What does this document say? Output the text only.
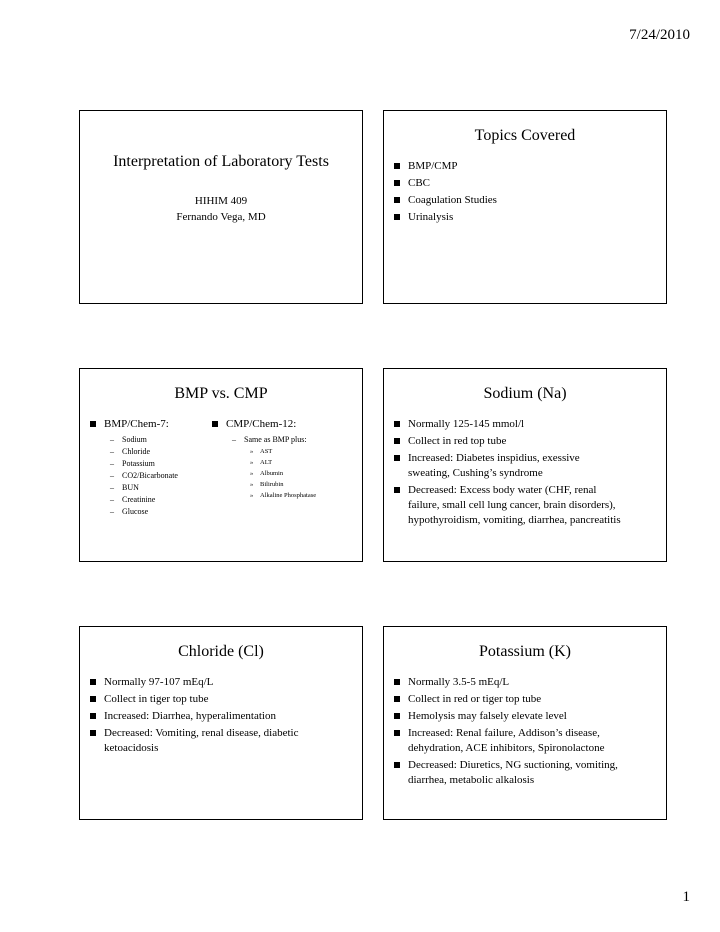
7/24/2010
Interpretation of Laboratory Tests
HIHIM 409
Fernando Vega, MD
Topics Covered
BMP/CMP
CBC
Coagulation Studies
Urinalysis
BMP vs. CMP
BMP/Chem-7:
– Sodium
– Chloride
– Potassium
– CO2/Bicarbonate
– BUN
– Creatinine
– Glucose
CMP/Chem-12:
– Same as BMP plus:
» AST
» ALT
» Albumin
» Bilirubin
» Alkaline Phosphatase
Sodium (Na)
Normally 125-145 mmol/l
Collect in red top tube
Increased: Diabetes inspidius, exessive sweating, Cushing’s syndrome
Decreased: Excess body water (CHF, renal failure, small cell lung cancer, brain disorders), hypothyroidism, vomiting, diarrhea, pancreatitis
Chloride (Cl)
Normally 97-107 mEq/L
Collect in tiger top tube
Increased: Diarrhea, hyperalimentation
Decreased: Vomiting, renal disease, diabetic ketoacidosis
Potassium (K)
Normally 3.5-5 mEq/L
Collect in red or tiger top tube
Hemolysis may falsely elevate level
Increased: Renal failure, Addison’s disease, dehydration, ACE inhibitors, Spironolactone
Decreased: Diuretics, NG suctioning, vomiting, diarrhea, metabolic alkalosis
1
